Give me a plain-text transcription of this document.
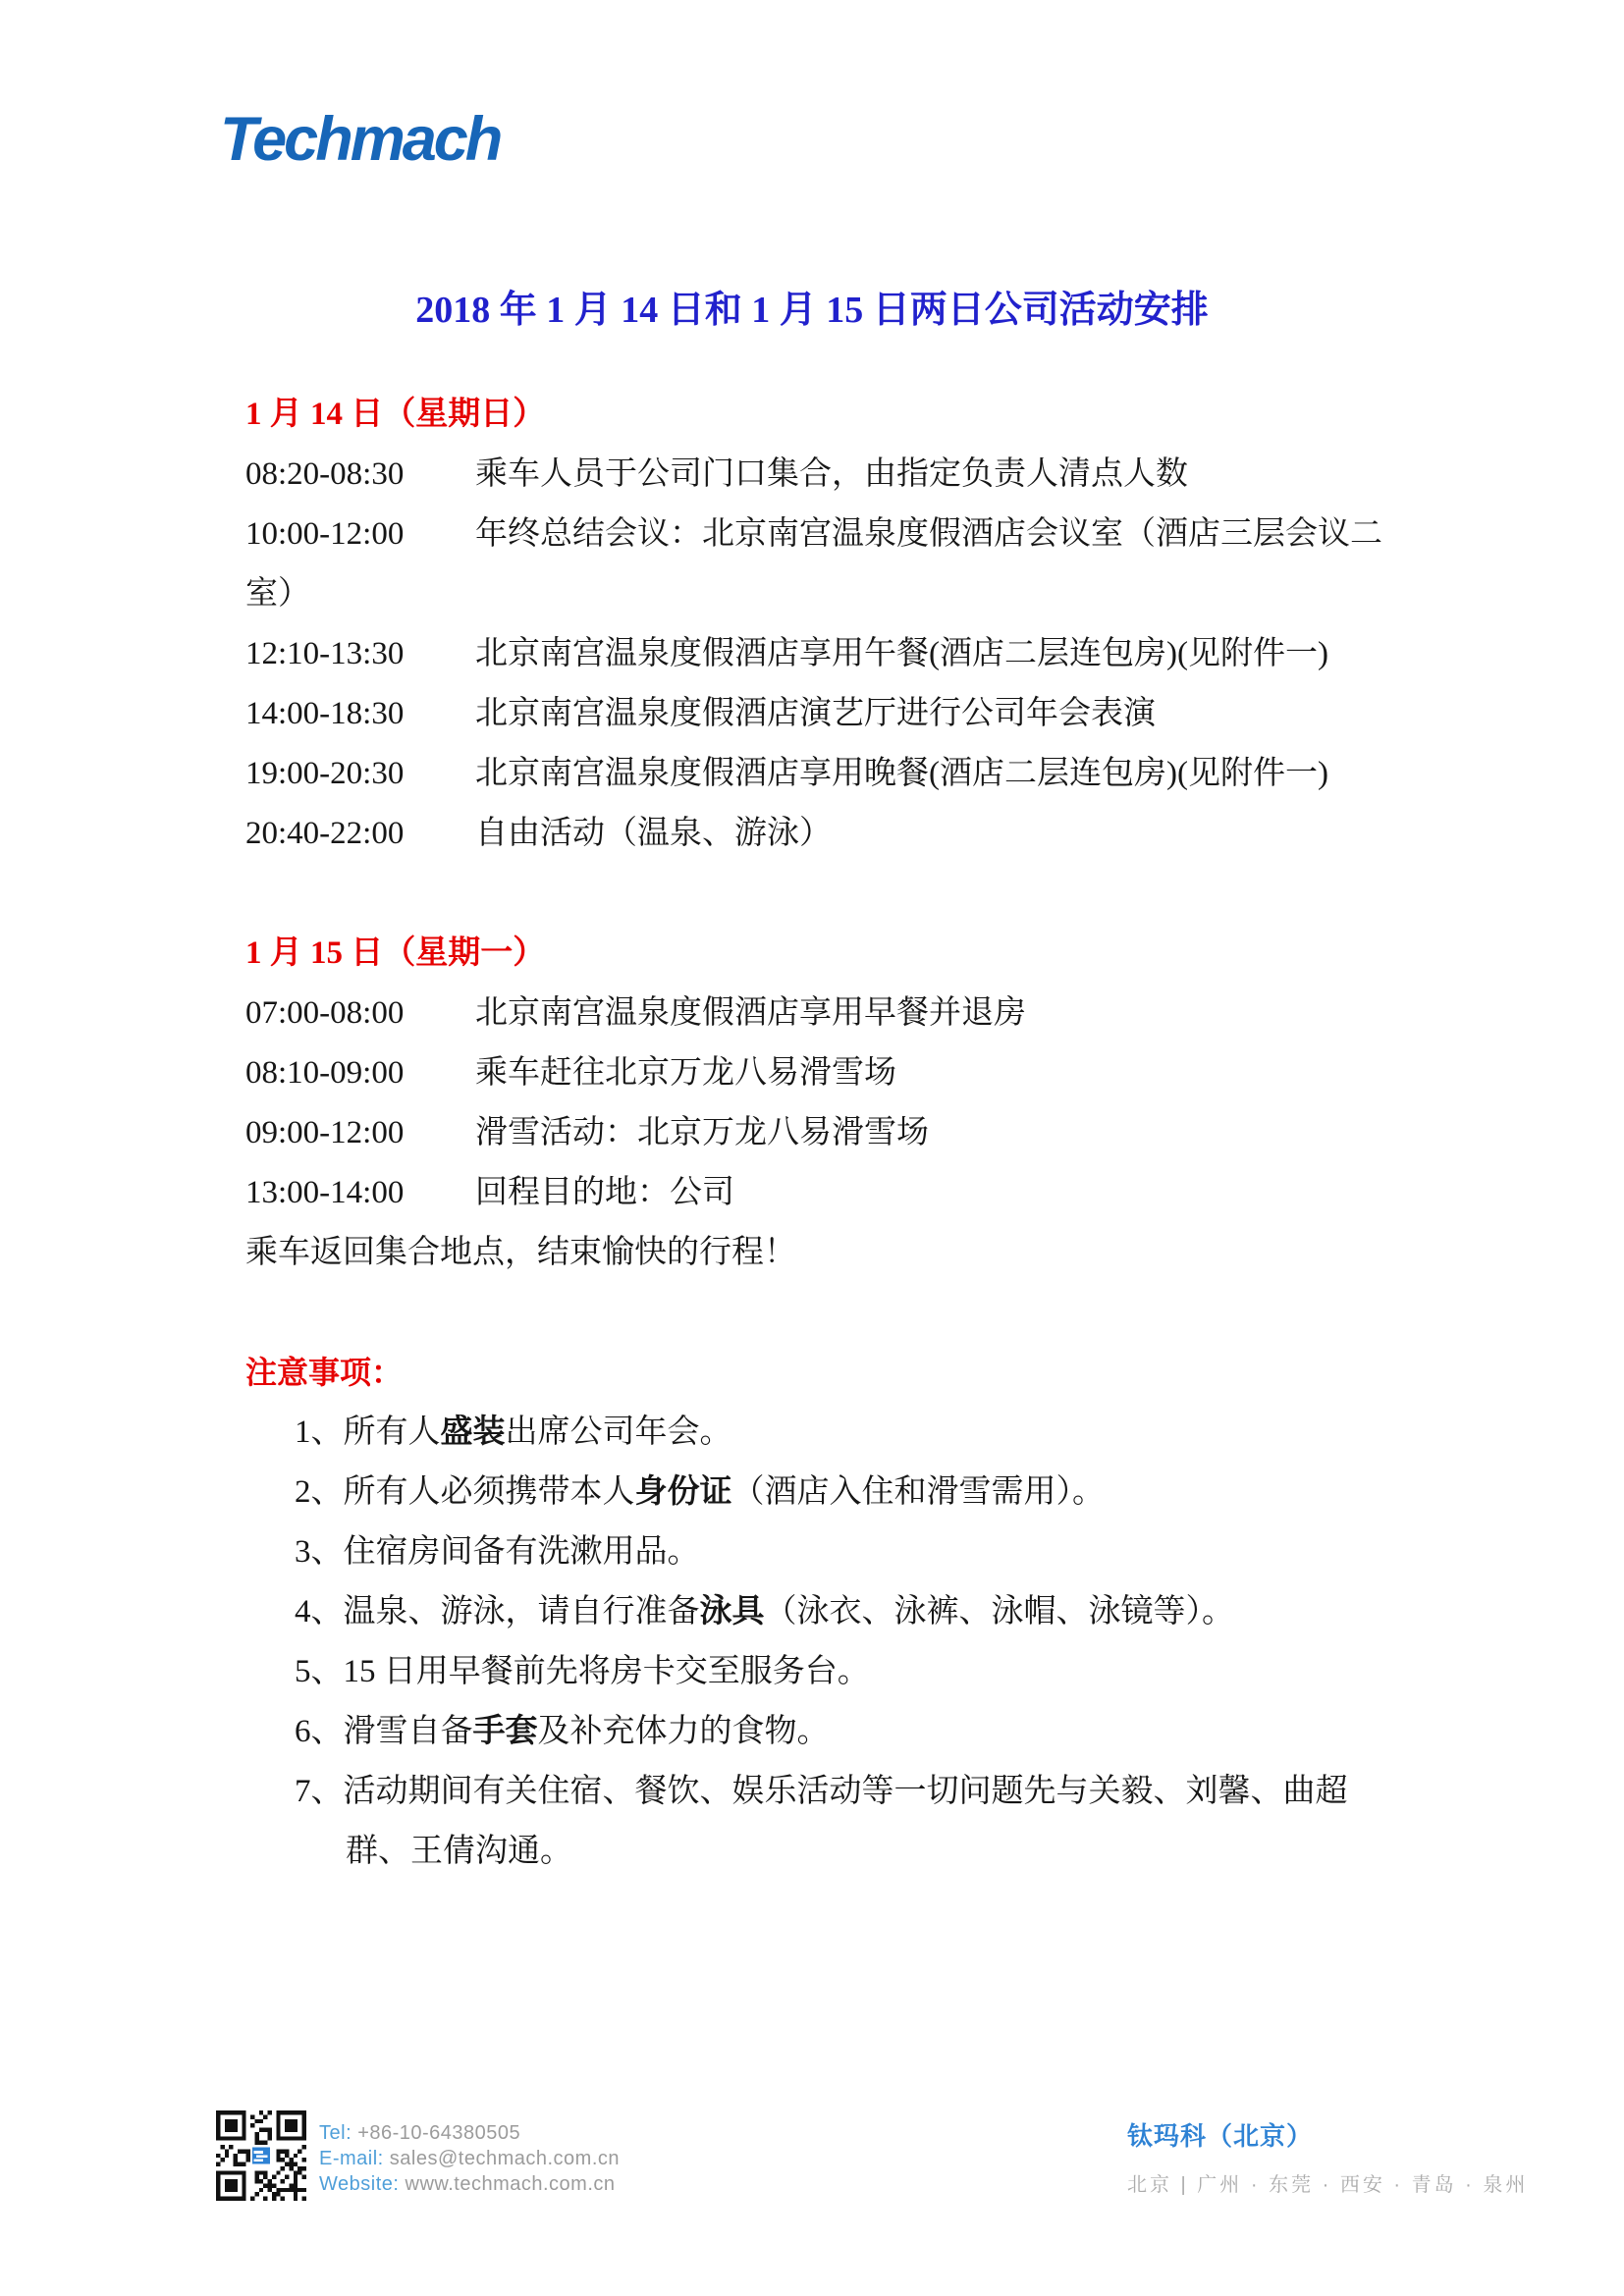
Techmach
2018 年 1 月 14 日和 1 月 15 日两日公司活动安排
1 月 14 日（星期日）
08:20-08:30 乘车人员于公司门口集合，由指定负责人清点人数
10:00-12:00 年终总结会议：北京南宫温泉度假酒店会议室（酒店三层会议二室）
12:10-13:30 北京南宫温泉度假酒店享用午餐(酒店二层连包房)(见附件一)
14:00-18:30 北京南宫温泉度假酒店演艺厅进行公司年会表演
19:00-20:30 北京南宫温泉度假酒店享用晚餐(酒店二层连包房)(见附件一)
20:40-22:00 自由活动（温泉、游泳）
1 月 15 日（星期一）
07:00-08:00 北京南宫温泉度假酒店享用早餐并退房
08:10-09:00 乘车赶往北京万龙八易滑雪场
09:00-12:00 滑雪活动：北京万龙八易滑雪场
13:00-14:00 回程目的地：公司
乘车返回集合地点，结束愉快的行程！
注意事项：
1、所有人盛装出席公司年会。
2、所有人必须携带本人身份证（酒店入住和滑雪需用）。
3、住宿房间备有洗漱用品。
4、温泉、游泳，请自行准备泳具（泳衣、泳裤、泳帽、泳镜等）。
5、15 日用早餐前先将房卡交至服务台。
6、滑雪自备手套及补充体力的食物。
7、活动期间有关住宿、餐饮、娱乐活动等一切问题先与关毅、刘馨、曲超群、王倩沟通。
Tel: +86-10-64380505
E-mail: sales@techmach.com.cn
Website: www.techmach.com.cn
钛玛科（北京）
北京 | 广州 · 东莞 · 西安 · 青岛 · 泉州
